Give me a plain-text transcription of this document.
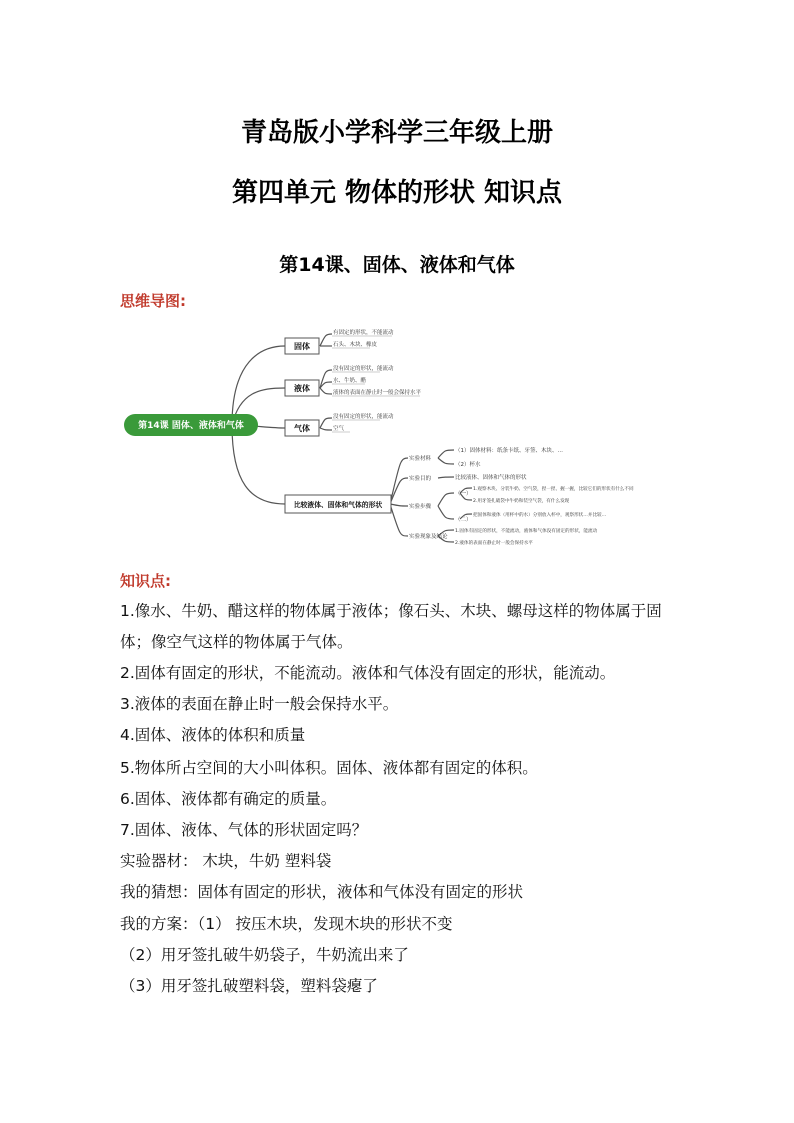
青岛版小学科学三年级上册
第四单元 物体的形状 知识点
第14课、固体、液体和气体
思维导图:
第14课 固体、液体和气体
固体
液体
气体
比较液体、固体和气体的形状
有固定的形状，不能流动
石头、木块、橡皮
没有固定的形状，能流动
水、牛奶、醋
液体的表面在静止时一般会保持水平
没有固定的形状，能流动
空气
实验材料
实验目的
实验步骤
实验现象及结论
（1）固体材料：纸条卡纸、牙签、木块、…
（2）杯水
比较液体、固体和气体的形状
（一）
1.观察木块、分装牛奶、空气袋，捏一捏、握一握，比较它们的形状有什么不同
2.用牙签扎破袋中牛奶和装空气袋，有什么发现
（二）
把固体和液体（用杯中的水）分别放入杯中，观察形状…并比较…
1.固体有固定的形状，不能流动，液体和气体没有固定的形状，能流动
2.液体的表面在静止时一般会保持水平
知识点:
1.像水、牛奶、醋这样的物体属于液体；像石头、木块、螺母这样的物体属于固
体；像空气这样的物体属于气体。
2.固体有固定的形状，不能流动。液体和气体没有固定的形状，能流动。
3.液体的表面在静止时一般会保持水平。
4.固体、液体的体积和质量
5.物体所占空间的大小叫体积。固体、液体都有固定的体积。
6.固体、液体都有确定的质量。
7.固体、液体、气体的形状固定吗？
实验器材： 木块，牛奶 塑料袋
我的猜想：固体有固定的形状，液体和气体没有固定的形状
我的方案：（1） 按压木块，发现木块的形状不变
（2）用牙签扎破牛奶袋子，牛奶流出来了
（3）用牙签扎破塑料袋，塑料袋瘪了
